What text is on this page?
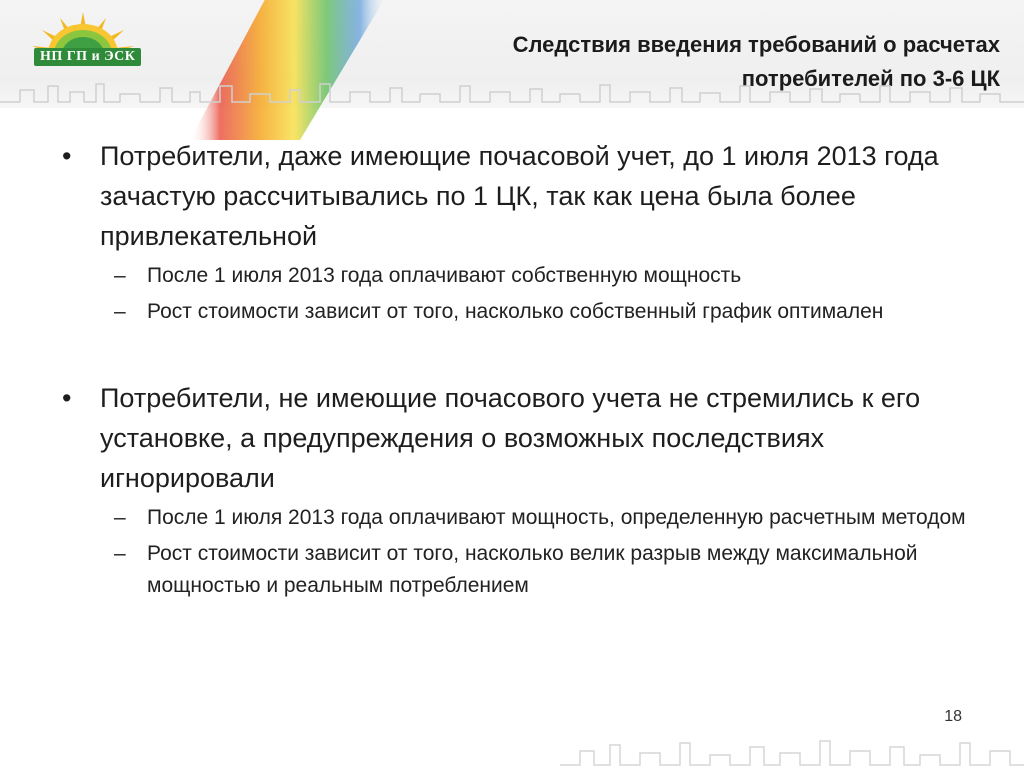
НП ГП и ЭСК	Следствия введения требований о расчетах
потребителей по 3-6 ЦК
•	Потребители, даже имеющие почасовой учет, до 1 июля 2013 года зачастую рассчитывались по 1 ЦК, так как цена была более привлекательной
– После 1 июля 2013 года оплачивают собственную мощность
– Рост стоимости зависит от того, насколько собственный график оптимален
•	Потребители, не имеющие почасового учета не стремились к его установке, а предупреждения о возможных последствиях игнорировали
– После 1 июля 2013 года оплачивают мощность, определенную расчетным методом
– Рост стоимости зависит от того, насколько велик разрыв между максимальной мощностью и реальным потреблением
18
